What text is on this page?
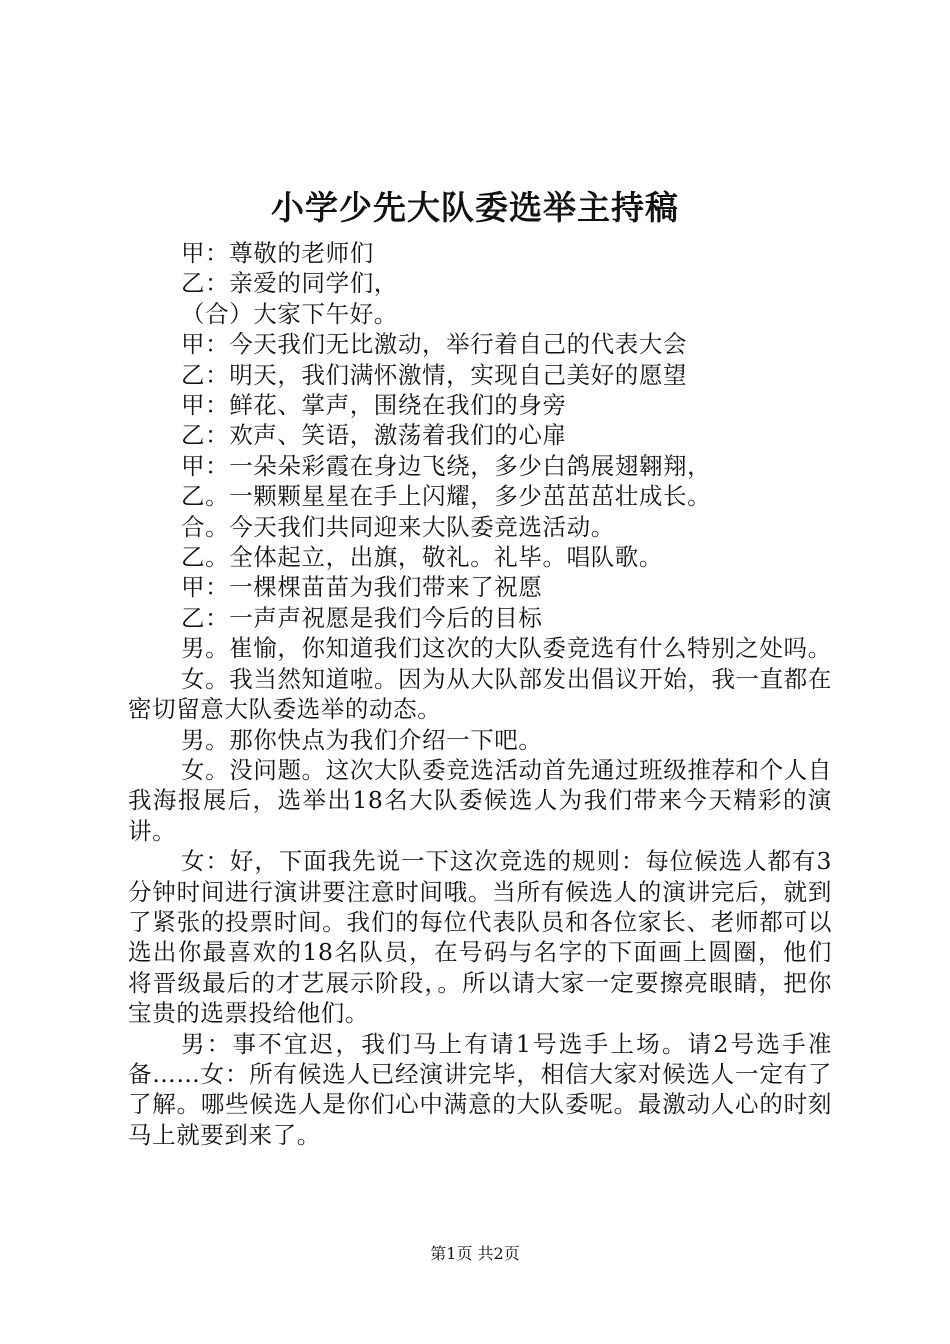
小学少先大队委选举主持稿

甲：尊敬的老师们

乙：亲爱的同学们，

（合）大家下午好。

甲：今天我们无比激动，举行着自己的代表大会

乙：明天，我们满怀激情，实现自己美好的愿望

甲：鲜花、掌声，围绕在我们的身旁

乙：欢声、笑语，激荡着我们的心扉

甲：一朵朵彩霞在身边飞绕，多少白鸽展翅翱翔，

乙。一颗颗星星在手上闪耀，多少茁茁茁壮成长。

合。今天我们共同迎来大队委竞选活动。

乙。全体起立，出旗，敬礼。礼毕。唱队歌。

甲：一棵棵苗苗为我们带来了祝愿

乙：一声声祝愿是我们今后的目标

男。崔愉，你知道我们这次的大队委竞选有什么特别之处吗。

女。我当然知道啦。因为从大队部发出倡议开始，我一直都在密切留意大队委选举的动态。

男。那你快点为我们介绍一下吧。

女。没问题。这次大队委竞选活动首先通过班级推荐和个人自我海报展后，选举出18名大队委候选人为我们带来今天精彩的演讲。

女：好，下面我先说一下这次竞选的规则：每位候选人都有3分钟时间进行演讲要注意时间哦。当所有候选人的演讲完后，就到了紧张的投票时间。我们的每位代表队员和各位家长、老师都可以选出你最喜欢的18名队员，在号码与名字的下面画上圆圈，他们将晋级最后的才艺展示阶段，。所以请大家一定要擦亮眼睛，把你宝贵的选票投给他们。

男：事不宜迟，我们马上有请1号选手上场。请2号选手准备……女：所有候选人已经演讲完毕，相信大家对候选人一定有了了解。哪些候选人是你们心中满意的大队委呢。最激动人心的时刻马上就要到来了。

第1页 共2页
